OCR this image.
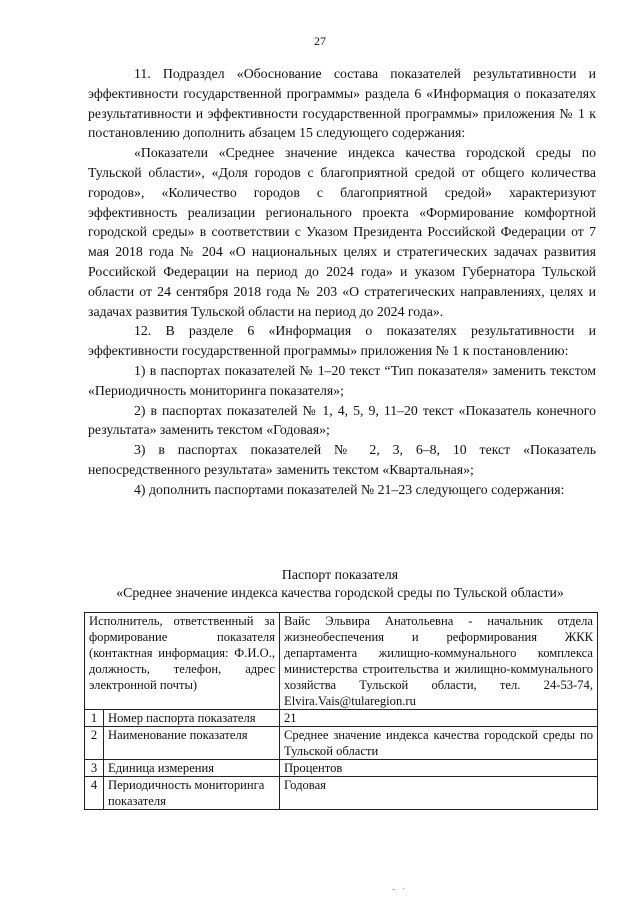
27

11. Подраздел «Обоснование состава показателей результативности и эффективности государственной программы» раздела 6 «Информация о показателях результативности и эффективности государственной программы» приложения № 1 к постановлению дополнить абзацем 15 следующего содержания:

«Показатели «Среднее значение индекса качества городской среды по Тульской области», «Доля городов с благоприятной средой от общего количества городов», «Количество городов с благоприятной средой» характеризуют эффективность реализации регионального проекта «Формирование комфортной городской среды» в соответствии с Указом Президента Российской Федерации от 7 мая 2018 года № 204 «О национальных целях и стратегических задачах развития Российской Федерации на период до 2024 года» и указом Губернатора Тульской области от 24 сентября 2018 года № 203 «О стратегических направлениях, целях и задачах развития Тульской области на период до 2024 года».

12. В разделе 6 «Информация о показателях результативности и эффективности государственной программы» приложения № 1 к постановлению:

1) в паспортах показателей № 1–20 текст “Тип показателя» заменить текстом «Периодичность мониторинга показателя»;

2) в паспортах показателей № 1, 4, 5, 9, 11–20 текст «Показатель конечного результата» заменить текстом «Годовая»;

3) в паспортах показателей № 2, 3, 6–8, 10 текст «Показатель непосредственного результата» заменить текстом «Квартальная»;

4) дополнить паспортами показателей № 21–23 следующего содержания:

Паспорт показателя
«Среднее значение индекса качества городской среды по Тульской области»
Исполнитель, ответственный за формирование показателя (контактная информация: Ф.И.О., должность, телефон, адрес электронной почты)		Вайс Эльвира Анатольевна - начальник отдела жизнеобеспечения и реформирования ЖКК департамента жилищно-коммунального комплекса министерства строительства и жилищно-коммунального хозяйства Тульской области, тел. 24-53-74, Elvira.Vais@tularegion.ru
1	Номер паспорта показателя	21
2	Наименование показателя	Среднее значение индекса качества городской среды по Тульской области
3	Единица измерения	Процентов
4	Периодичность мониторинга показателя	Годовая
- ·
